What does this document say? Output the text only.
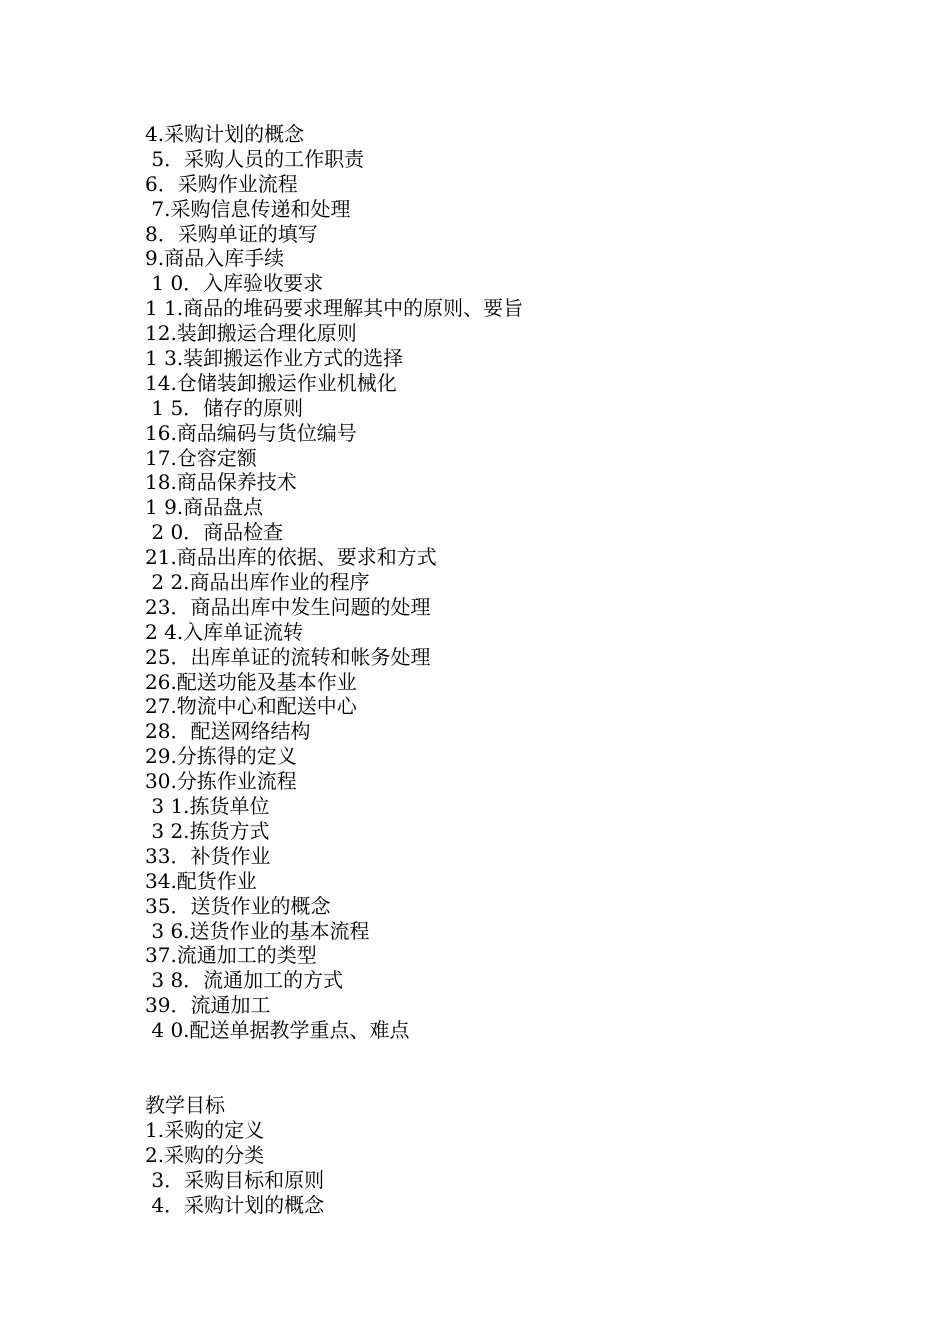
4.采购计划的概念
5．采购人员的工作职责
6．采购作业流程
7.采购信息传递和处理
8．采购单证的填写
9.商品入库手续
1 0．入库验收要求
1 1.商品的堆码要求理解其中的原则、要旨
12.装卸搬运合理化原则
1 3.装卸搬运作业方式的选择
14.仓储装卸搬运作业机械化
1 5．储存的原则
16.商品编码与货位编号
17.仓容定额
18.商品保养技术
1 9.商品盘点
2 0．商品检查
21.商品出库的依据、要求和方式
2 2.商品出库作业的程序
23．商品出库中发生问题的处理
2 4.入库单证流转
25．出库单证的流转和帐务处理
26.配送功能及基本作业
27.物流中心和配送中心
28．配送网络结构
29.分拣得的定义
30.分拣作业流程
3 1.拣货单位
3 2.拣货方式
33．补货作业
34.配货作业
35．送货作业的概念
3 6.送货作业的基本流程
37.流通加工的类型
3 8．流通加工的方式
39．流通加工
4 0.配送单据教学重点、难点
教学目标
1.采购的定义
2.采购的分类
3．采购目标和原则
4．采购计划的概念
